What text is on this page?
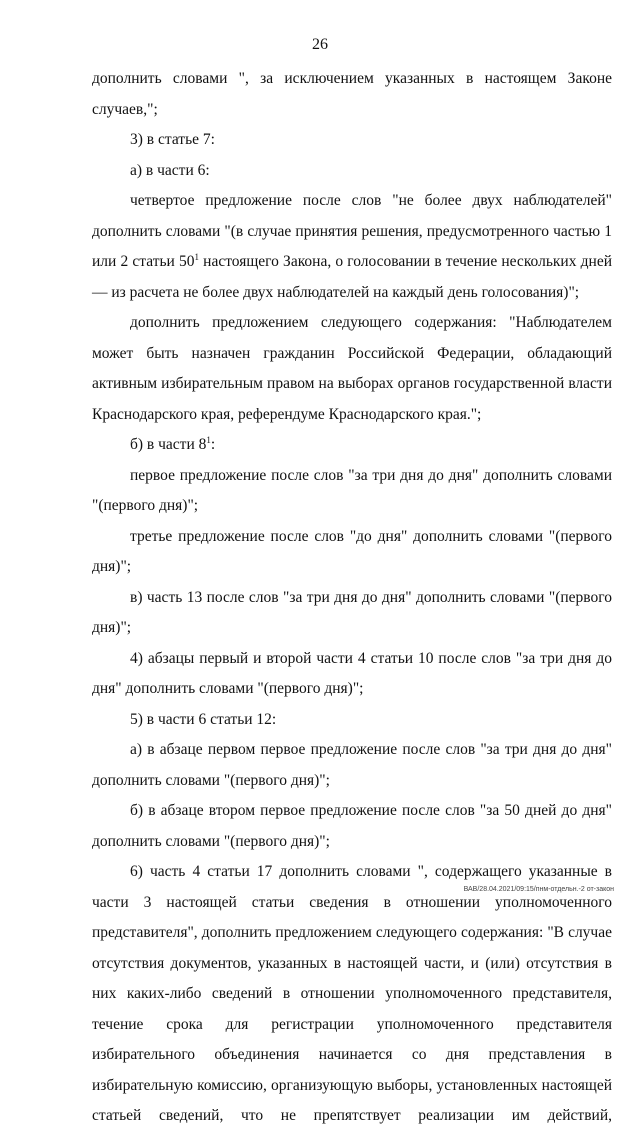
26

дополнить словами ", за исключением указанных в настоящем Законе случаев,";

3) в статье 7:

а) в части 6:

четвертое предложение после слов "не более двух наблюдателей" дополнить словами "(в случае принятия решения, предусмотренного частью 1 или 2 статьи $50^1$ настоящего Закона, о голосовании в течение нескольких дней — из расчета не более двух наблюдателей на каждый день голосования)";

дополнить предложением следующего содержания: "Наблюдателем может быть назначен гражданин Российской Федерации, обладающий активным избирательным правом на выборах органов государственной власти Краснодарского края, референдуме Краснодарского края.";

б) в части $8^1$:

первое предложение после слов "за три дня до дня" дополнить словами "(первого дня)";

третье предложение после слов "до дня" дополнить словами "(первого дня)";

в) часть 13 после слов "за три дня до дня" дополнить словами "(первого дня)";

4) абзацы первый и второй части 4 статьи 10 после слов "за три дня до дня" дополнить словами "(первого дня)";

5) в части 6 статьи 12:

а) в абзаце первом первое предложение после слов "за три дня до дня" дополнить словами "(первого дня)";

б) в абзаце втором первое предложение после слов "за 50 дней до дня" дополнить словами "(первого дня)";

6) часть 4 статьи 17 дополнить словами ", содержащего указанные в части 3 настоящей статьи сведения в отношении уполномоченного представителя", дополнить предложением следующего содержания: "В случае отсутствия документов, указанных в настоящей части, и (или) отсутствия в них каких-либо сведений в отношении уполномоченного представителя, течение срока для регистрации уполномоченного представителя избирательного объединения начинается со дня представления в избирательную комиссию, организующую выборы, установленных настоящей статьей сведений, что не препятствует реализации им действий,

ВАВ/28.04.2021/09:15/пнм-отдельн.-2 от-закон
